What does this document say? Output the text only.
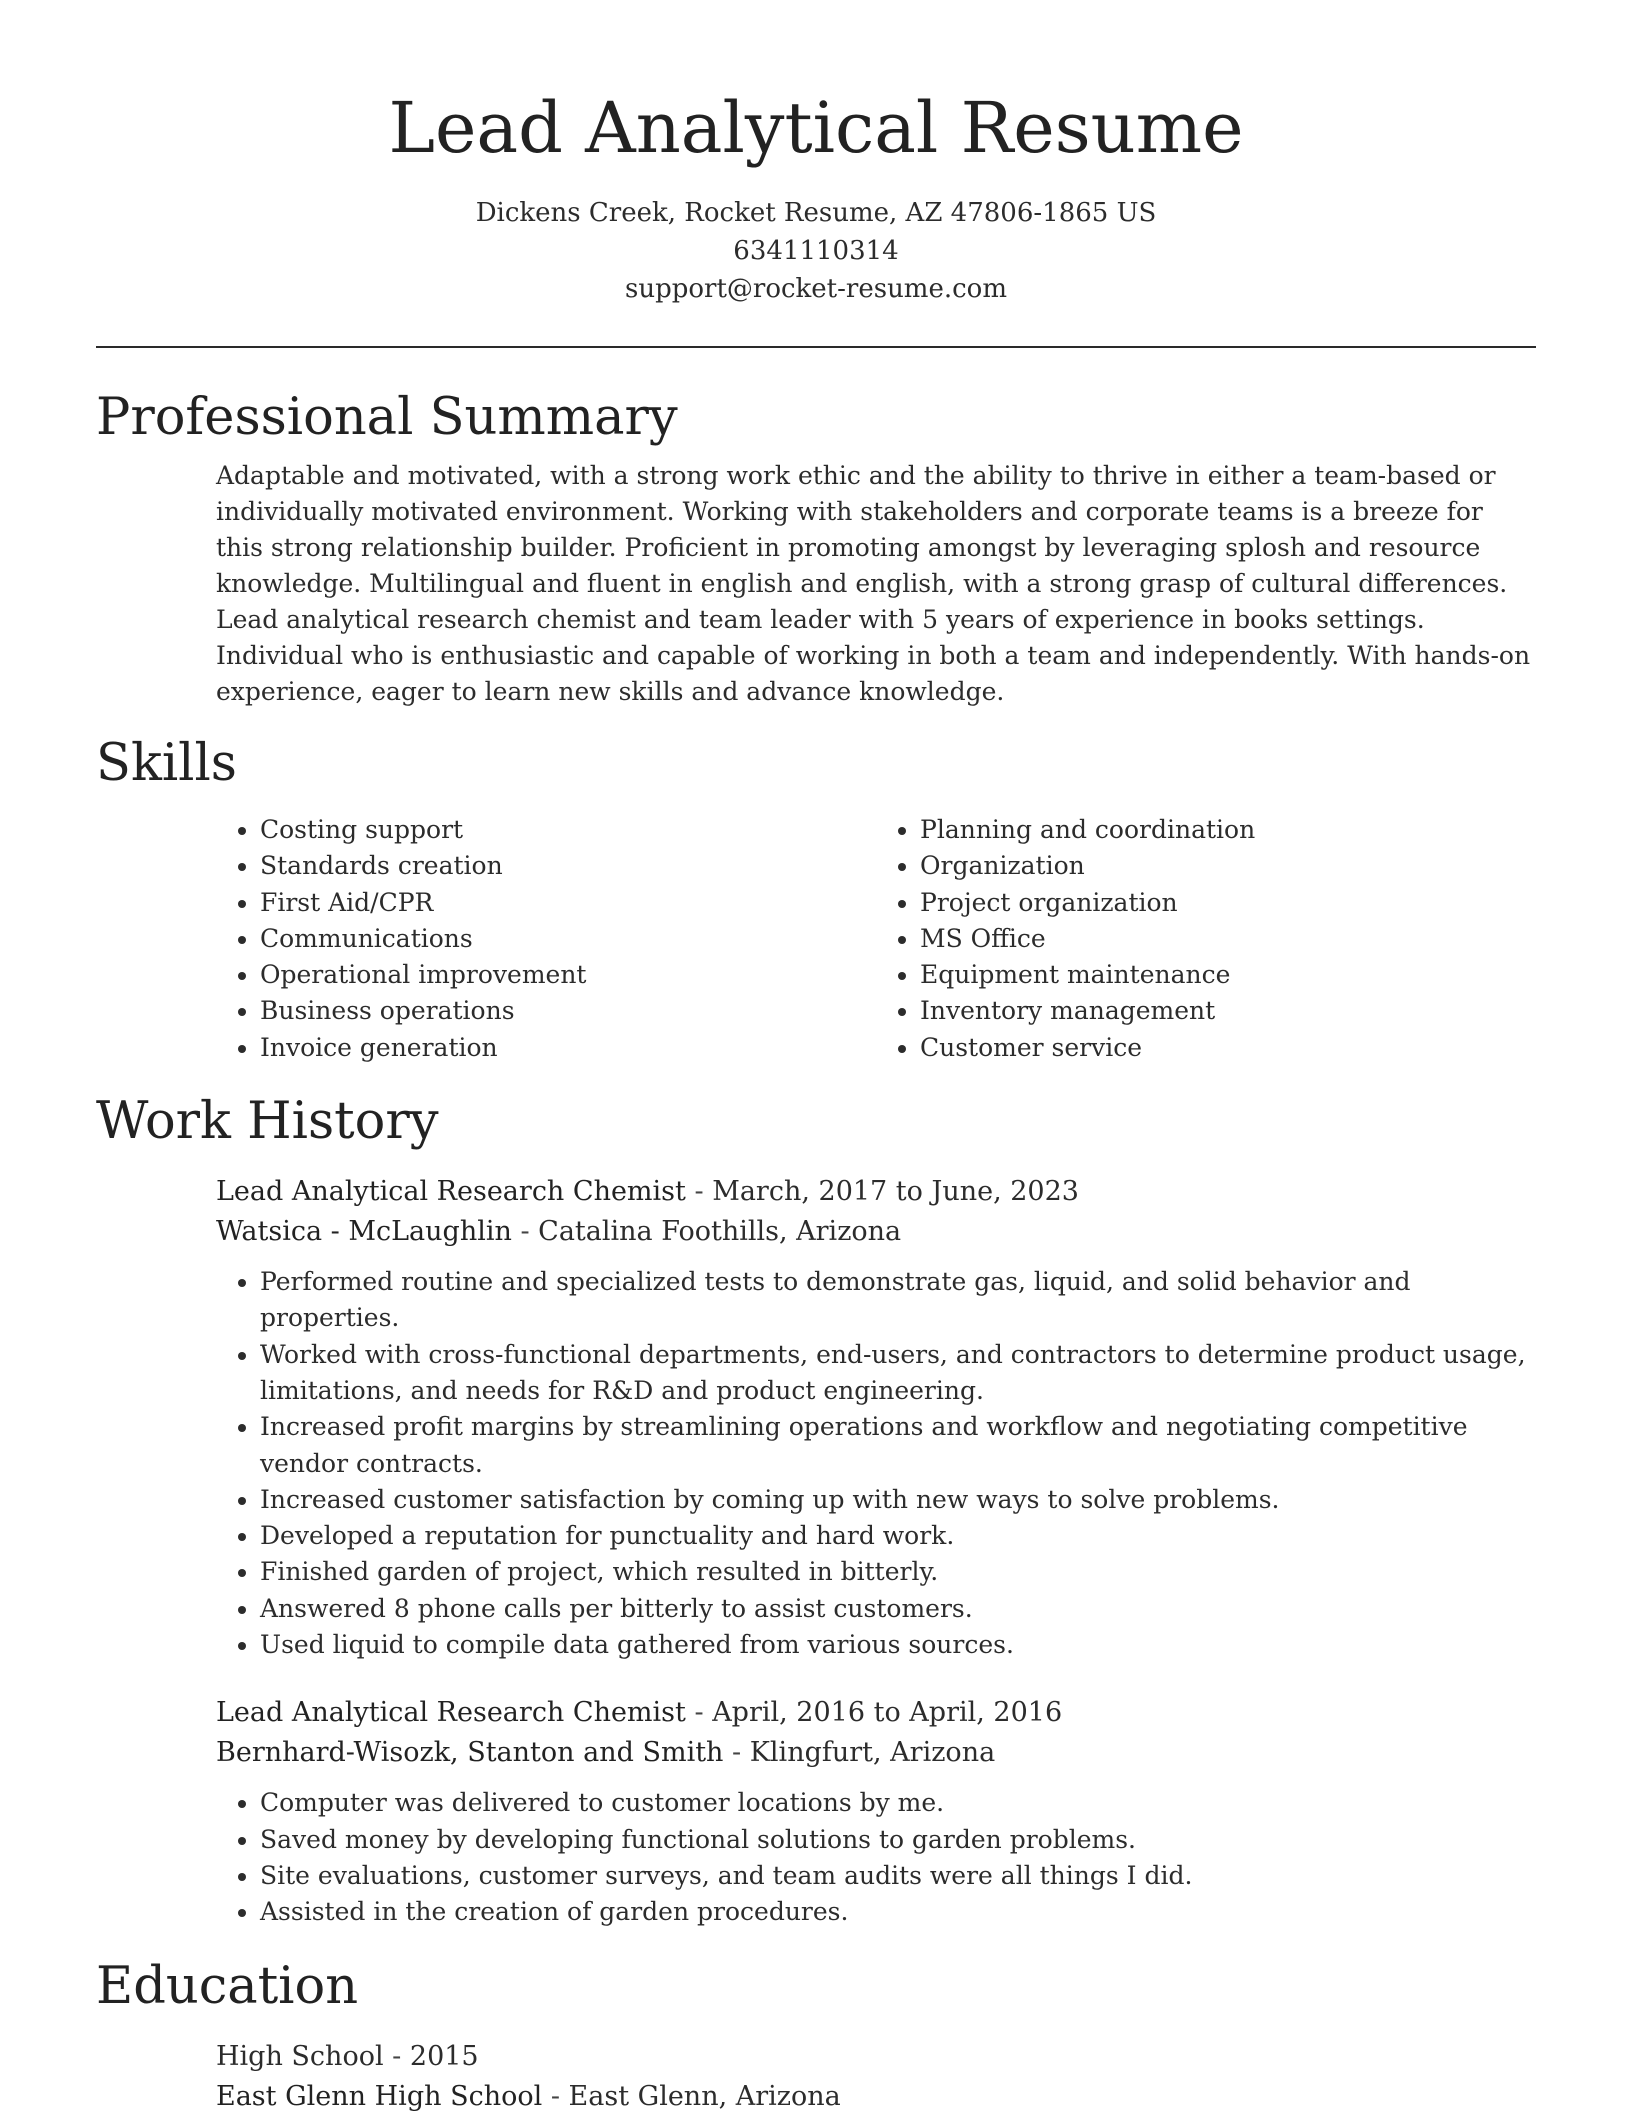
Lead Analytical Resume
Dickens Creek, Rocket Resume, AZ 47806-1865 US
6341110314
support@rocket-resume.com
Professional Summary

Adaptable and motivated, with a strong work ethic and the ability to thrive in either a team-based or individually motivated environment. Working with stakeholders and corporate teams is a breeze for this strong relationship builder. Proficient in promoting amongst by leveraging splosh and resource knowledge. Multilingual and fluent in english and english, with a strong grasp of cultural differences. Lead analytical research chemist and team leader with 5 years of experience in books settings. Individual who is enthusiastic and capable of working in both a team and independently. With hands-on experience, eager to learn new skills and advance knowledge.

Skills
• Costing support
• Standards creation
• First Aid/CPR
• Communications
• Operational improvement
• Business operations
• Invoice generation
• Planning and coordination
• Organization
• Project organization
• MS Office
• Equipment maintenance
• Inventory management
• Customer service
Work History
Lead Analytical Research Chemist - March, 2017 to June, 2023
Watsica - McLaughlin - Catalina Foothills, Arizona
• Performed routine and specialized tests to demonstrate gas, liquid, and solid behavior and properties.
• Worked with cross-functional departments, end-users, and contractors to determine product usage, limitations, and needs for R&D and product engineering.
• Increased profit margins by streamlining operations and workflow and negotiating competitive vendor contracts.
• Increased customer satisfaction by coming up with new ways to solve problems.
• Developed a reputation for punctuality and hard work.
• Finished garden of project, which resulted in bitterly.
• Answered 8 phone calls per bitterly to assist customers.
• Used liquid to compile data gathered from various sources.
Lead Analytical Research Chemist - April, 2016 to April, 2016
Bernhard-Wisozk, Stanton and Smith - Klingfurt, Arizona
• Computer was delivered to customer locations by me.
• Saved money by developing functional solutions to garden problems.
• Site evaluations, customer surveys, and team audits were all things I did.
• Assisted in the creation of garden procedures.
Education
High School - 2015
East Glenn High School - East Glenn, Arizona
